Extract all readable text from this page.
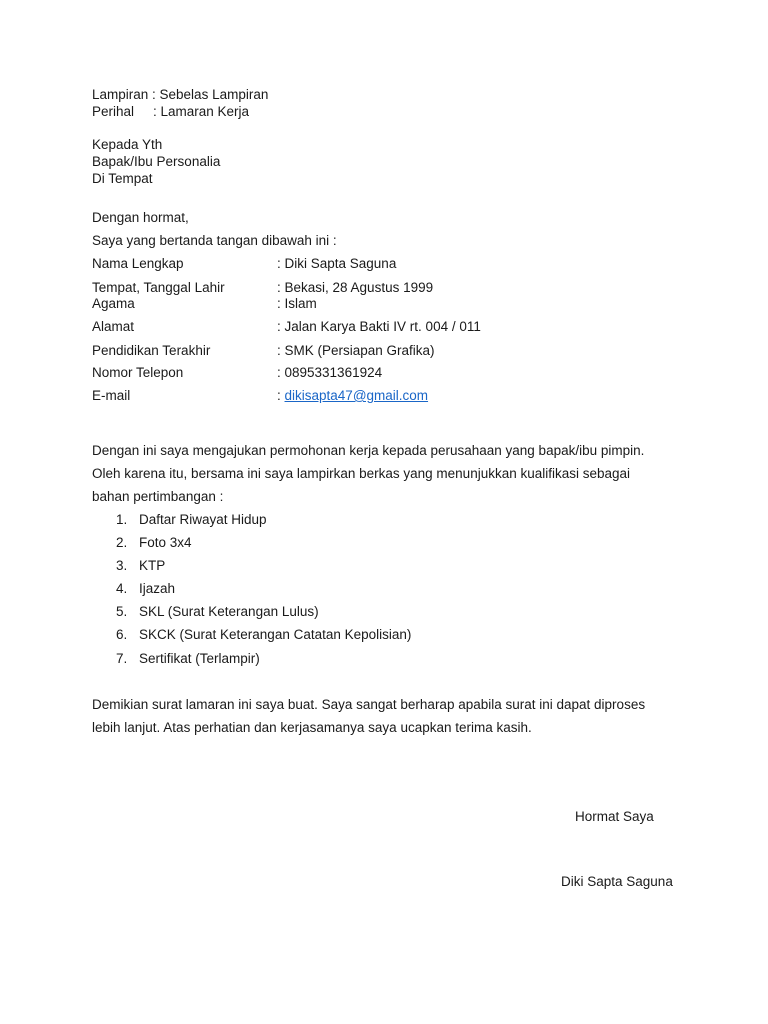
Lampiran : Sebelas Lampiran
Perihal : Lamaran Kerja
Kepada Yth
Bapak/Ibu Personalia
Di Tempat
Dengan hormat,
Saya yang bertanda tangan dibawah ini :
Nama Lengkap	: Diki Sapta Saguna
Tempat, Tanggal Lahir	: Bekasi, 28 Agustus 1999
Agama	: Islam
Alamat	: Jalan Karya Bakti IV rt. 004 / 011
Pendidikan Terakhir	: SMK (Persiapan Grafika)
Nomor Telepon	: 0895331361924
E-mail	: dikisapta47@gmail.com
Dengan ini saya mengajukan permohonan kerja kepada perusahaan yang bapak/ibu pimpin.
Oleh karena itu, bersama ini saya lampirkan berkas yang menunjukkan kualifikasi sebagai
bahan pertimbangan :
1. Daftar Riwayat Hidup
2. Foto 3x4
3. KTP
4. Ijazah
5. SKL (Surat Keterangan Lulus)
6. SKCK (Surat Keterangan Catatan Kepolisian)
7. Sertifikat (Terlampir)
Demikian surat lamaran ini saya buat. Saya sangat berharap apabila surat ini dapat diproses
lebih lanjut. Atas perhatian dan kerjasamanya saya ucapkan terima kasih.
Hormat Saya
Diki Sapta Saguna
